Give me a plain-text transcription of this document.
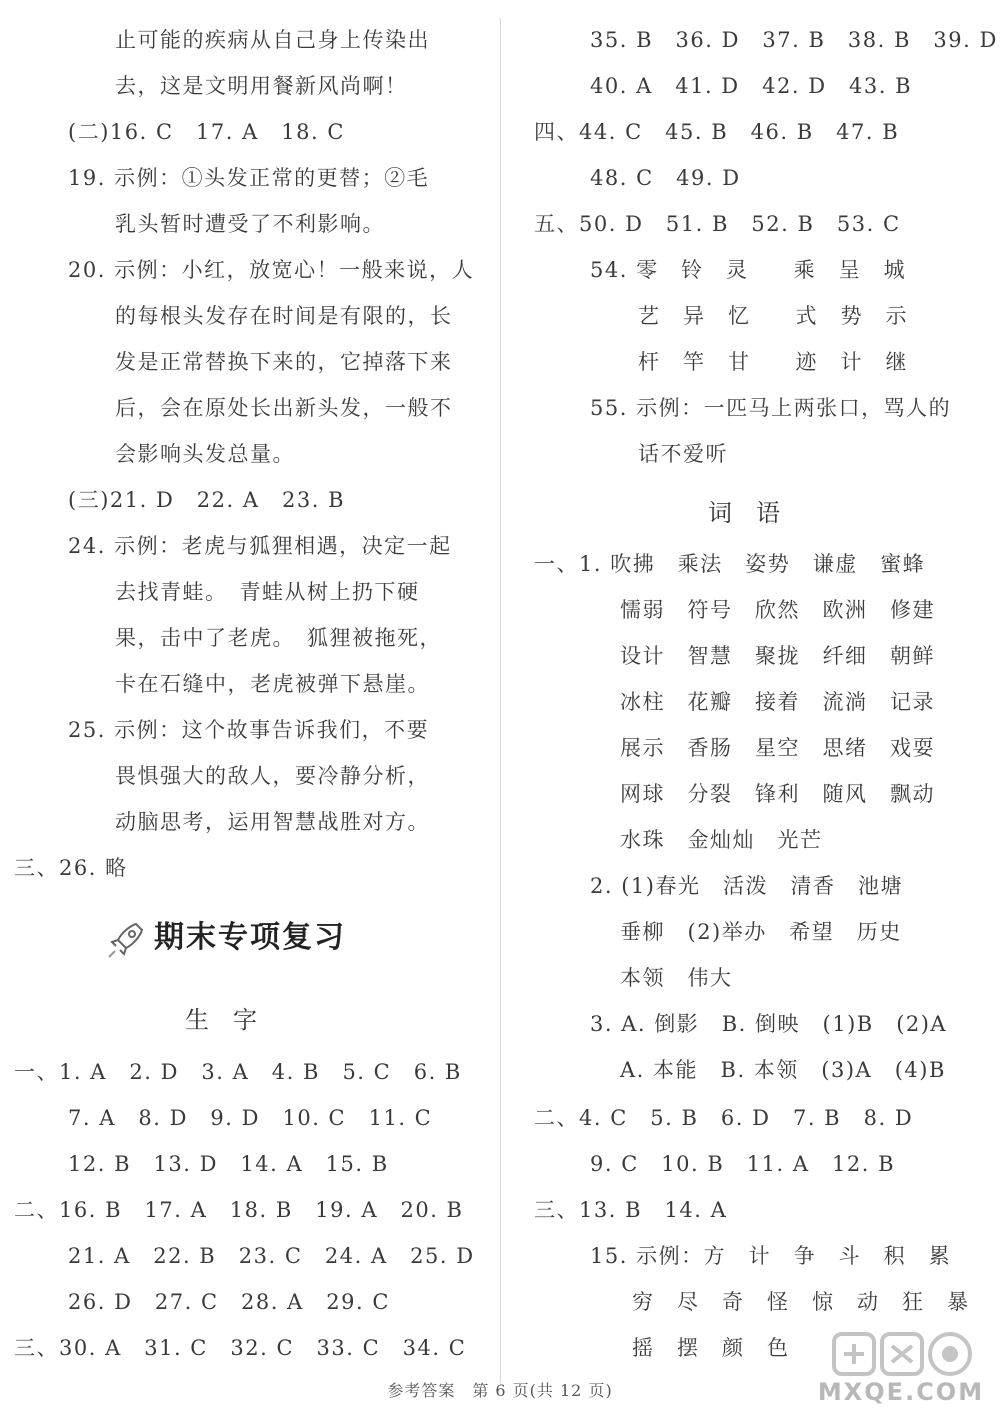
止可能的疾病从自己身上传染出
去，这是文明用餐新风尚啊！
(二)16. C　17. A　18. C
19. 示例：①头发正常的更替；②毛
乳头暂时遭受了不利影响。
20. 示例：小红，放宽心！一般来说，人
的每根头发存在时间是有限的，长
发是正常替换下来的，它掉落下来
后，会在原处长出新头发，一般不
会影响头发总量。
(三)21. D　22. A　23. B
24. 示例：老虎与狐狸相遇，决定一起
去找青蛙。　青蛙从树上扔下硬
果，击中了老虎。　狐狸被拖死，
卡在石缝中，老虎被弹下悬崖。
25. 示例：这个故事告诉我们，不要
畏惧强大的敌人，要冷静分析，
动脑思考，运用智慧战胜对方。
三、26. 略
期末专项复习
生　字
一、1. A　2. D　3. A　4. B　5. C　6. B
7. A　8. D　9. D　10. C　11. C
12. B　13. D　14. A　15. B
二、16. B　17. A　18. B　19. A　20. B
21. A　22. B　23. C　24. A　25. D
26. D　27. C　28. A　29. C
三、30. A　31. C　32. C　33. C　34. C
35. B　36. D　37. B　38. B　39. D
40. A　41. D　42. D　43. B
四、44. C　45. B　46. B　47. B
48. C　49. D
五、50. D　51. B　52. B　53. C
54. 零　铃　灵　　乘　呈　城
艺　异　忆　　式　势　示
杆　竿　甘　　迹　计　继
55. 示例：一匹马上两张口，骂人的
话不爱听
词　语
一、1. 吹拂　乘法　姿势　谦虚　蜜蜂
懦弱　符号　欣然　欧洲　修建
设计　智慧　聚拢　纤细　朝鲜
冰柱　花瓣　接着　流淌　记录
展示　香肠　星空　思绪　戏耍
网球　分裂　锋利　随风　飘动
水珠　金灿灿　光芒
2. (1)春光　活泼　清香　池塘
垂柳　(2)举办　希望　历史
本领　伟大
3. A. 倒影　B. 倒映　(1)B　(2)A
A. 本能　B. 本领　(3)A　(4)B
二、4. C　5. B　6. D　7. B　8. D
9. C　10. B　11. A　12. B
三、13. B　14. A
15. 示例：方　计　争　斗　积　累
穷　尽　奇　怪　惊　动　狂　暴
摇　摆　颜　色
参考答案　第 6 页(共 12 页)	MXQE.COM
